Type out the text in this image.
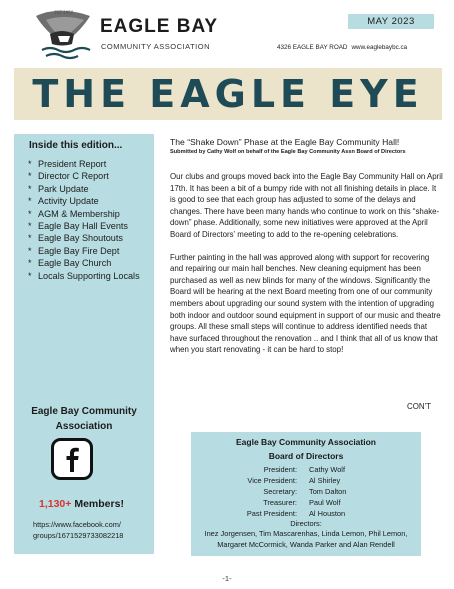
EST 1950
EAGLE BAY
COMMUNITY ASSOCIATION
MAY 2023
4326 EAGLE BAY ROAD www.eaglebaybc.ca
THE EAGLE EYE
Inside this edition...
* President Report
* Director C Report
* Park Update
* Activity Update
* AGM & Membership
* Eagle Bay Hall Events
* Eagle Bay Shoutouts
* Eagle Bay Fire Dept
* Eagle Bay Church
* Locals Supporting Locals
Eagle Bay Community
Association
1,130+ Members!
https://www.facebook.com/
groups/1671529733082218
The “Shake Down” Phase at the Eagle Bay Community Hall!
Submitted by Cathy Wolf on behalf of the Eagle Bay Community Assn Board of Directors

Our clubs and groups moved back into the Eagle Bay Community Hall on April 17th. It has been a bit of a bumpy ride with not all finishing details in place. It is good to see that each group has adjusted to some of the delays and changes. There have been many hands who continue to work on this “shake-down” phase. Additionally, some new initiatives were approved at the April Board of Directors’ meeting to add to the re-opening celebrations.

Further painting in the hall was approved along with support for recovering and repairing our main hall benches. New cleaning equipment has been purchased as well as new blinds for many of the windows. Significantly the Board will be hearing at the next Board meeting from one of our community members about upgrading our sound system with the intention of upgrading both indoor and outdoor sound equipment in support of our music and theatre groups. All these small steps will continue to address identified needs that have surfaced throughout the renovation .. and I think that all of us know that when you start renovating - it can be hard to stop!

CON’T
Eagle Bay Community Association
Board of Directors
President: Cathy Wolf
Vice President: Al Shirley
Secretary: Tom Dalton
Treasurer: Paul Wolf
Past President: Al Houston
Directors:
Inez Jorgensen, Tim Mascarenhas, Linda Lemon, Phil Lemon, Margaret McCormick, Wanda Parker and Alan Rendell
-1-
